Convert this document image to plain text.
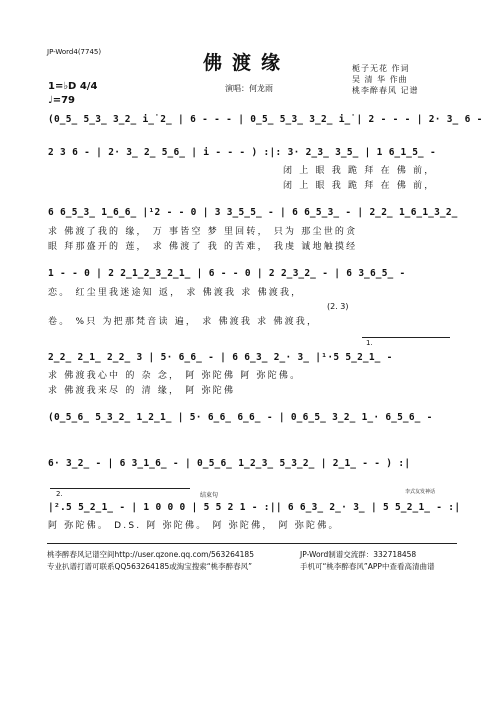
JP-Word4(7745)	佛渡缘	栀子无花 作词
吴 清 华 作曲
桃李醉春风 记谱
演唱：何龙雨
1=♭D 4/4
♩=79
(0̲5̲ 5̲3̲ 3̲2̲ i̲̇ 2̲ | 6 - - - | 0̲5̲ 5̲3̲ 3̲2̲ i̲̇ | 2 - - - | 2· 3̲ 6 -
2 3 6 - | 2· 3̲ 2̲ 5̲6̲ | i - - - ) :|: 3· 2̲3̲ 3̲5̲ | 1 6̲1̲5̲ -
闭 上 眼 我 跪 拜 在 佛 前，
闭 上 眼 我 跪 拜 在 佛 前，
6 6̲5̲3̲ 1̲6̲6̲ |¹2 - - 0 | 3 3̲5̲5̲ - | 6 6̲5̲3̲ - | 2̲2̲ 1̲6̲1̲3̲2̲
求 佛渡了我的 缘， 万 事皆空 梦 里回转， 只为 那尘世的贪
眼 拜那盛开的 莲， 求 佛渡了 我 的苦难， 我虔 诚地触摸经
1 - - 0 | 2 2̲1̲2̲3̲2̲1̲ | 6 - - 0 | 2 2̲3̲2̲ - | 6 3̲6̲5̲ -
恋。 红尘里我迷途知 返， 求 佛渡我 求 佛渡我，
(2. 3)
卷。 %只 为把那梵音读 遍， 求 佛渡我 求 佛渡我，
1.
2̲2̲ 2̲1̲ 2̲2̲ 3 | 5· 6̲6̲ - | 6 6̲3̲ 2̲· 3̲ |¹·5 5̲2̲1̲ -
求 佛渡我心中 的 杂 念， 阿 弥陀佛 阿 弥陀佛。
求 佛渡我来尽 的 清 缘， 阿 弥陀佛
(0̲5̲6̲ 5̲3̲2̲ 1̲2̲1̲ | 5· 6̲6̲ 6̲6̲ - | 0̲6̲5̲ 3̲2̲ 1̲· 6̲5̲6̲ -
6· 3̲2̲ - | 6 3̲1̲6̲ - | 0̲5̲6̲ 1̲2̲3̲ 5̲3̲2̲ | 2̲1̲ - - ) :|
2.	结束句	李式友发神话
|².5 5̲2̲1̲ - | 1 0 0 0 | 5 5 2 1 - :|| 6 6̲3̲ 2̲· 3̲ | 5 5̲2̲1̲ - :|
阿 弥陀佛。 D.S. 阿 弥陀佛。 阿 弥陀佛， 阿 弥陀佛。
桃李醉春风记谱空间http://user.qzone.qq.com/563264185
专业扒谱打谱可联系QQ563264185或淘宝搜索“桃李醉春风”
JP-Word制谱交流群：332718458
手机可“桃李醉春风”APP中查看高清曲谱
